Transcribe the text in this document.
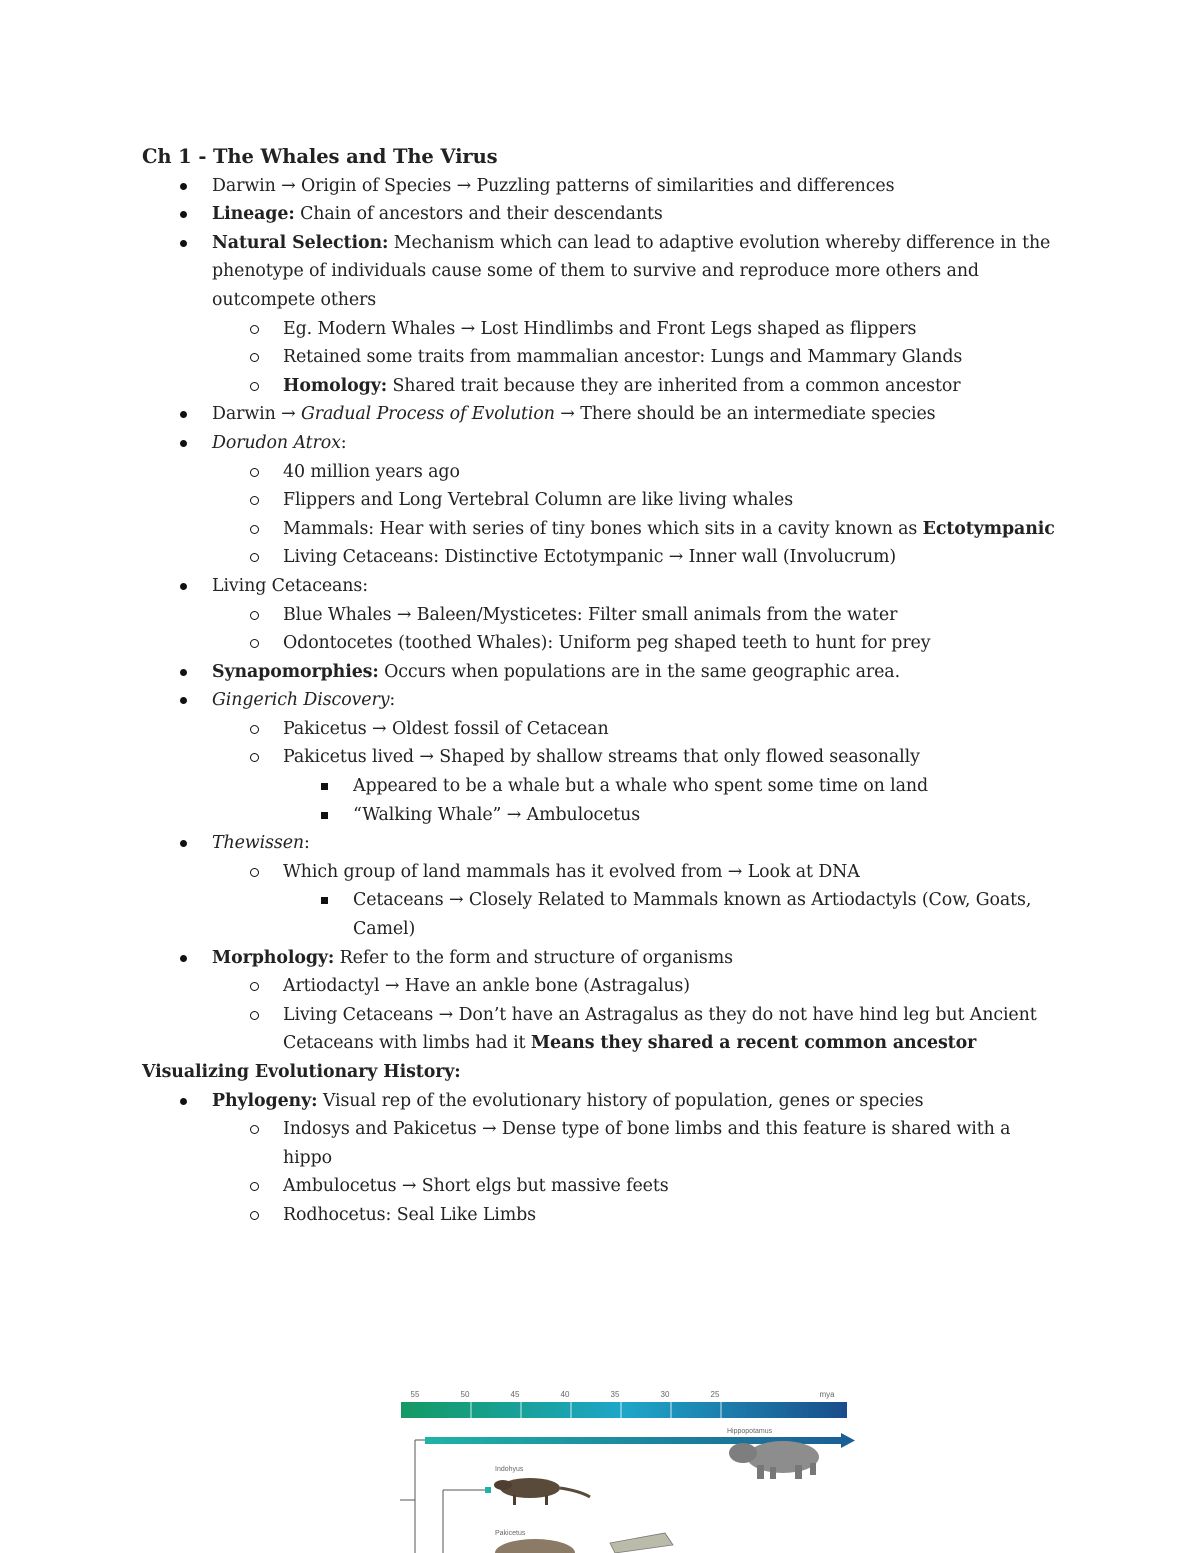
Ch 1 - The Whales and The Virus
Darwin → Origin of Species → Puzzling patterns of similarities and differences
Lineage: Chain of ancestors and their descendants
Natural Selection: Mechanism which can lead to adaptive evolution whereby difference in the phenotype of individuals cause some of them to survive and reproduce more others and outcompete others
Eg. Modern Whales → Lost Hindlimbs and Front Legs shaped as flippers
Retained some traits from mammalian ancestor: Lungs and Mammary Glands
Homology: Shared trait because they are inherited from a common ancestor
Darwin → Gradual Process of Evolution → There should be an intermediate species
Dorudon Atrox:
40 million years ago
Flippers and Long Vertebral Column are like living whales
Mammals: Hear with series of tiny bones which sits in a cavity known as Ectotympanic
Living Cetaceans: Distinctive Ectotympanic → Inner wall (Involucrum)
Living Cetaceans:
Blue Whales → Baleen/Mysticetes: Filter small animals from the water
Odontocetes (toothed Whales): Uniform peg shaped teeth to hunt for prey
Synapomorphies: Occurs when populations are in the same geographic area.
Gingerich Discovery:
Pakicetus → Oldest fossil of Cetacean
Pakicetus lived → Shaped by shallow streams that only flowed seasonally
Appeared to be a whale but a whale who spent some time on land
“Walking Whale” → Ambulocetus
Thewissen:
Which group of land mammals has it evolved from → Look at DNA
Cetaceans → Closely Related to Mammals known as Artiodactyls (Cow, Goats, Camel)
Morphology: Refer to the form and structure of organisms
Artiodactyl → Have an ankle bone (Astragalus)
Living Cetaceans → Don’t have an Astragalus as they do not have hind leg but Ancient Cetaceans with limbs had it Means they shared a recent common ancestor
Visualizing Evolutionary History:
Phylogeny: Visual rep of the evolutionary history of population, genes or species
Indosys and Pakicetus → Dense type of bone limbs and this feature is shared with a hippo
Ambulocetus → Short elgs but massive feets
Rodhocetus: Seal Like Limbs
55	50	45	40	35	30	25	mya
Hippopotamus
Indohyus
Pakicetus
